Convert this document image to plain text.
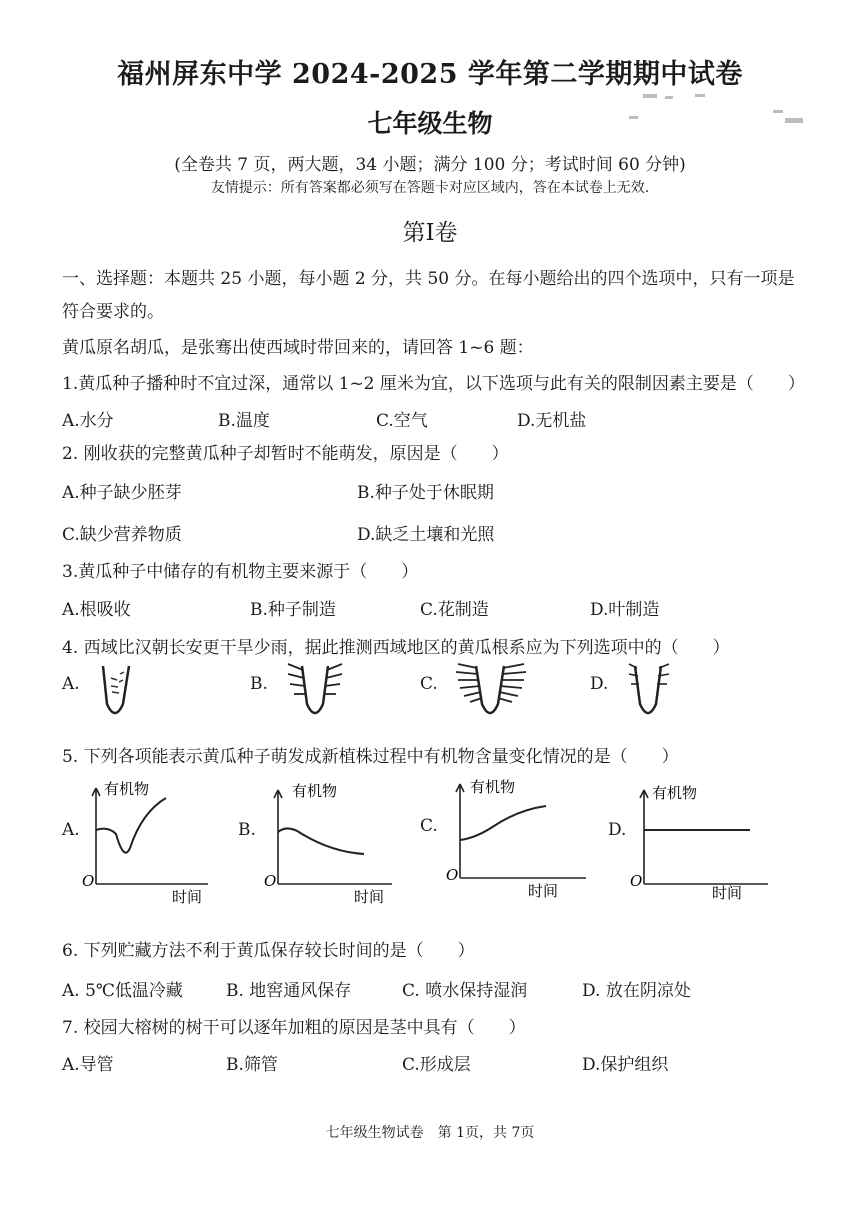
福州屏东中学 2024-2025 学年第二学期期中试卷
七年级生物
(全卷共 7 页，两大题，34 小题；满分 100 分；考试时间 60 分钟)
友情提示：所有答案都必须写在答题卡对应区域内，答在本试卷上无效.
第Ⅰ卷
一、选择题：本题共 25 小题，每小题 2 分，共 50 分。在每小题给出的四个选项中，只有一项是
符合要求的。
黄瓜原名胡瓜，是张骞出使西域时带回来的，请回答 1~6 题：
1.黄瓜种子播种时不宜过深，通常以 1~2 厘米为宜，以下选项与此有关的限制因素主要是（　　）
A.水分	B.温度	C.空气	D.无机盐
2. 刚收获的完整黄瓜种子却暂时不能萌发，原因是（　　）
A.种子缺少胚芽	B.种子处于休眠期
C.缺少营养物质	D.缺乏土壤和光照
3.黄瓜种子中储存的有机物主要来源于（　　）
A.根吸收	B.种子制造	C.花制造	D.叶制造
4. 西域比汉朝长安更干旱少雨，据此推测西域地区的黄瓜根系应为下列选项中的（　　）
A.	B.	C.	D.
5. 下列各项能表示黄瓜种子萌发成新植株过程中有机物含量变化情况的是（　　）
A.	B.	C.	D.
有机物
O
时间
有机物
O
时间
有机物
O
时间
有机物
O
时间
6. 下列贮藏方法不利于黄瓜保存较长时间的是（　　）
A. 5℃低温冷藏	B. 地窖通风保存	C. 喷水保持湿润	D. 放在阴凉处
7. 校园大榕树的树干可以逐年加粗的原因是茎中具有（　　）
A.导管	B.筛管	C.形成层	D.保护组织
七年级生物试卷　第 1页，共 7页
